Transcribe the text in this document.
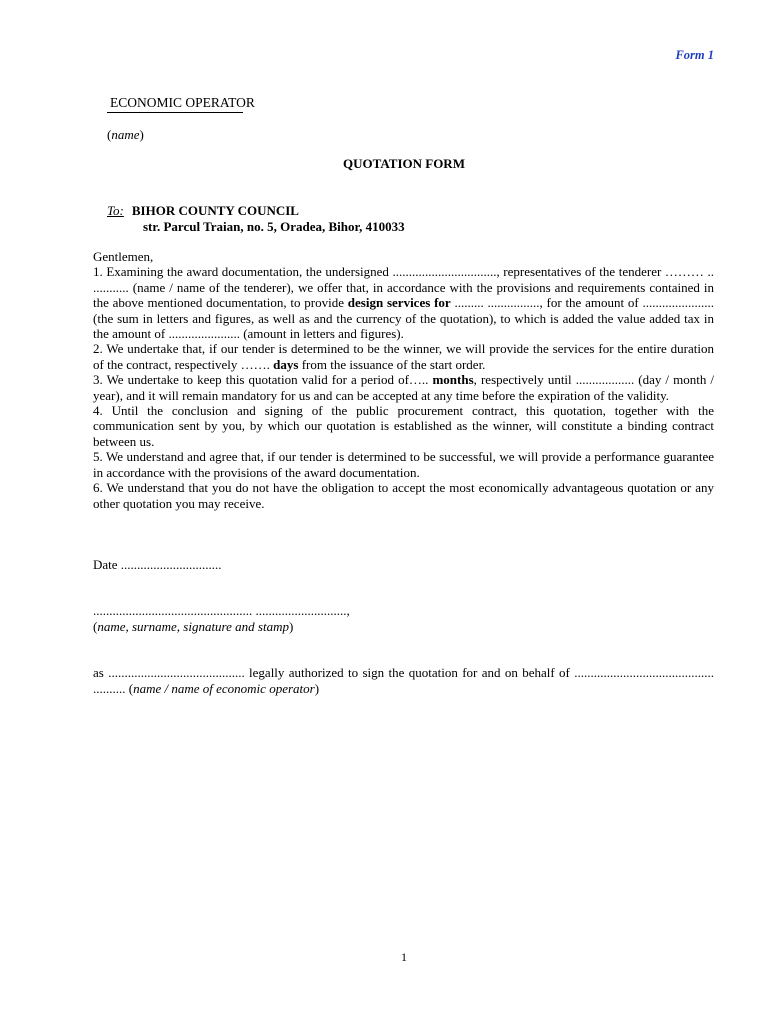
Form 1
ECONOMIC OPERATOR
(name)
QUOTATION FORM
To: BIHOR COUNTY COUNCIL
str. Parcul Traian, no. 5, Oradea, Bihor, 410033

Gentlemen,

1. Examining the award documentation, the undersigned ................................, representatives of the tenderer ……… .. ........... (name / name of the tenderer), we offer that, in accordance with the provisions and requirements contained in the above mentioned documentation, to provide design services for ......... ................, for the amount of ...................... (the sum in letters and figures, as well as and the currency of the quotation), to which is added the value added tax in the amount of ...................... (amount in letters and figures).

2. We undertake that, if our tender is determined to be the winner, we will provide the services for the entire duration of the contract, respectively ……. days from the issuance of the start order.

3. We undertake to keep this quotation valid for a period of….. months, respectively until .................. (day / month / year), and it will remain mandatory for us and can be accepted at any time before the expiration of the validity.

4. Until the conclusion and signing of the public procurement contract, this quotation, together with the communication sent by you, by which our quotation is established as the winner, will constitute a binding contract between us.

5. We understand and agree that, if our tender is determined to be successful, we will provide a performance guarantee in accordance with the provisions of the award documentation.

6. We understand that you do not have the obligation to accept the most economically advantageous quotation or any other quotation you may receive.

Date ...............................
................................................. ............................,
(name, surname, signature and stamp)
as .......................................... legally authorized to sign the quotation for and on behalf of ........................................... .......... (name / name of economic operator)
1
